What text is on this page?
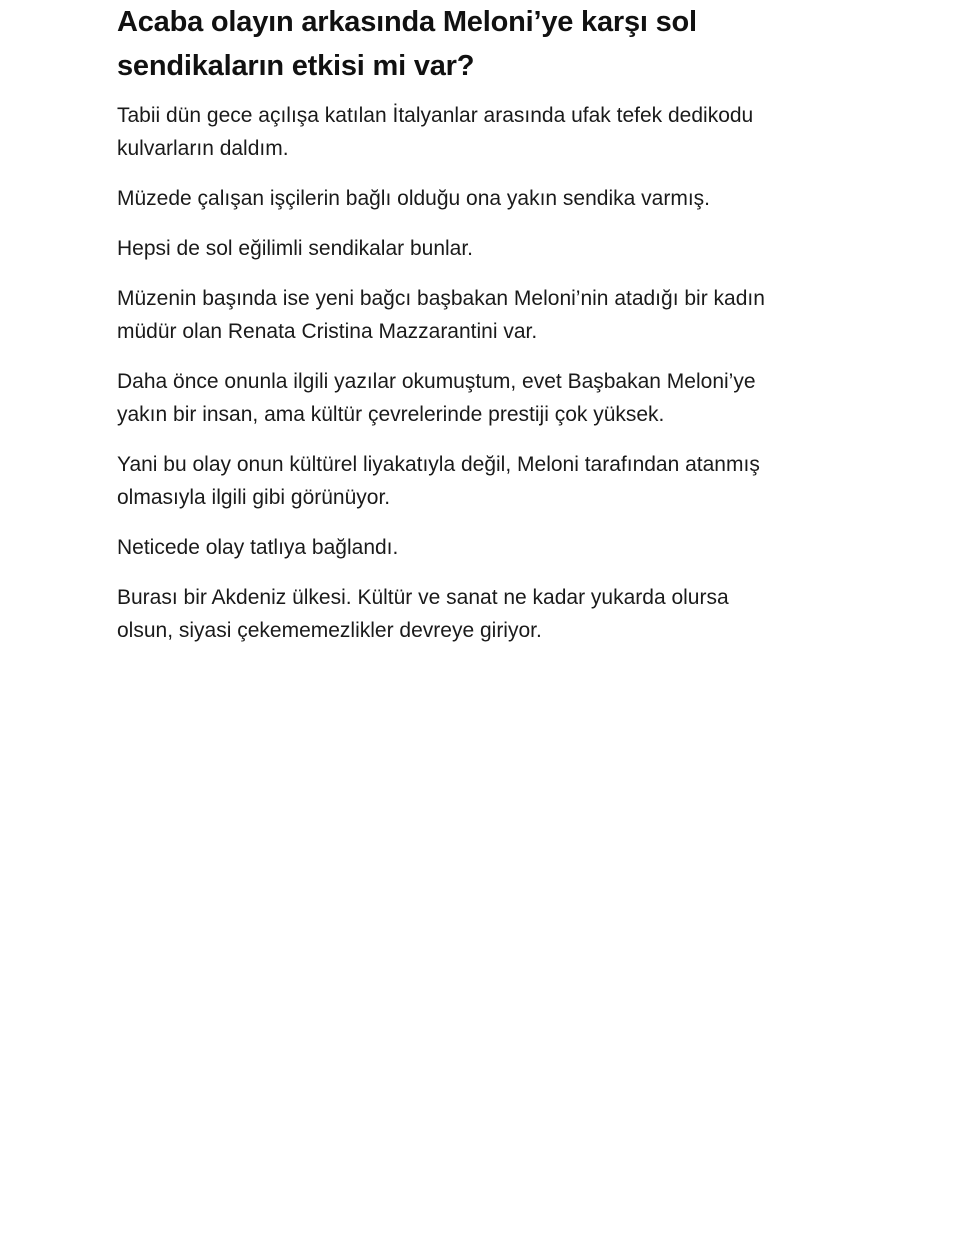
Acaba olayın arkasında Meloni’ye karşı sol sendikaların etkisi mi var?

Tabii dün gece açılışa katılan İtalyanlar arasında ufak tefek dedikodu kulvarların daldım.

Müzede çalışan işçilerin bağlı olduğu ona yakın sendika varmış.

Hepsi de sol eğilimli sendikalar bunlar.

Müzenin başında ise yeni bağcı başbakan Meloni’nin atadığı bir kadın müdür olan Renata Cristina Mazzarantini var.

Daha önce onunla ilgili yazılar okumuştum, evet Başbakan Meloni’ye yakın bir insan, ama kültür çevrelerinde prestiji çok yüksek.

Yani bu olay onun kültürel liyakatıyla değil, Meloni tarafından atanmış olmasıyla ilgili gibi görünüyor.

Neticede olay tatlıya bağlandı.

Burası bir Akdeniz ülkesi. Kültür ve sanat ne kadar yukarda olursa olsun, siyasi çekememezlikler devreye giriyor.
